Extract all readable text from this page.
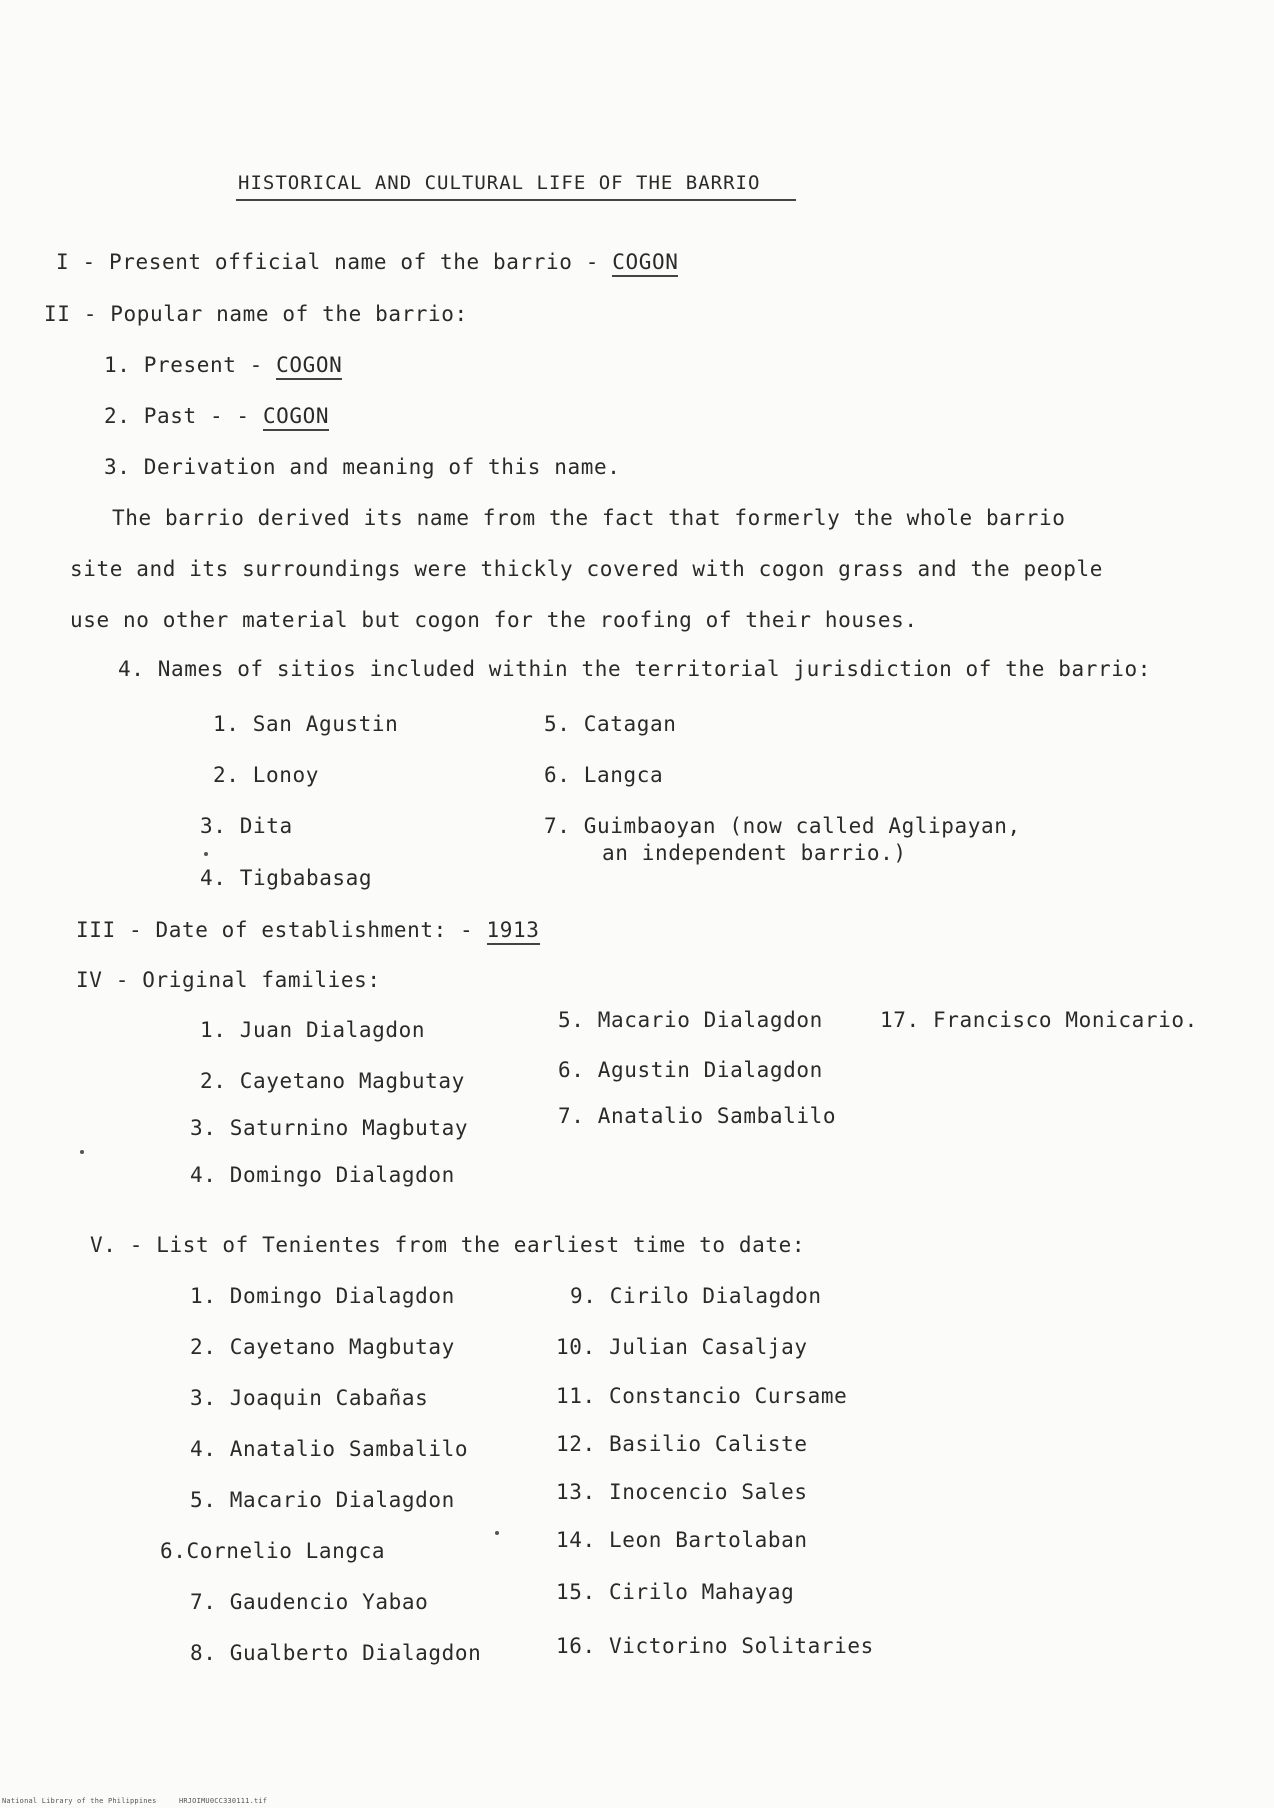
HISTORICAL AND CULTURAL LIFE OF THE BARRIO
I - Present official name of the barrio - COGON
II - Popular name of the barrio:
1. Present - COGON
2. Past - - COGON
3. Derivation and meaning of this name.
The barrio derived its name from the fact that formerly the whole barrio
site and its surroundings were thickly covered with cogon grass and the people
use no other material but cogon for the roofing of their houses.
4. Names of sitios included within the territorial jurisdiction of the barrio:
1. San Agustin
2. Lonoy
3. Dita
4. Tigbabasag
5. Catagan
6. Langca
7. Guimbaoyan (now called Aglipayan,
an independent barrio.)
III - Date of establishment: - 1913
IV - Original families:
1. Juan Dialagdon
2. Cayetano Magbutay
3. Saturnino Magbutay
4. Domingo Dialagdon
5. Macario Dialagdon
6. Agustin Dialagdon
7. Anatalio Sambalilo
17. Francisco Monicario.
V. - List of Tenientes from the earliest time to date:
1. Domingo Dialagdon
2. Cayetano Magbutay
3. Joaquin Cabañas
4. Anatalio Sambalilo
5. Macario Dialagdon
6.Cornelio Langca
7. Gaudencio Yabao
8. Gualberto Dialagdon
9. Cirilo Dialagdon
10. Julian Casaljay
11. Constancio Cursame
12. Basilio Caliste
13. Inocencio Sales
14. Leon Bartolaban
15. Cirilo Mahayag
16. Victorino Solitaries
National Library of the Philippines	HRJOIMU0CC330111.tif
